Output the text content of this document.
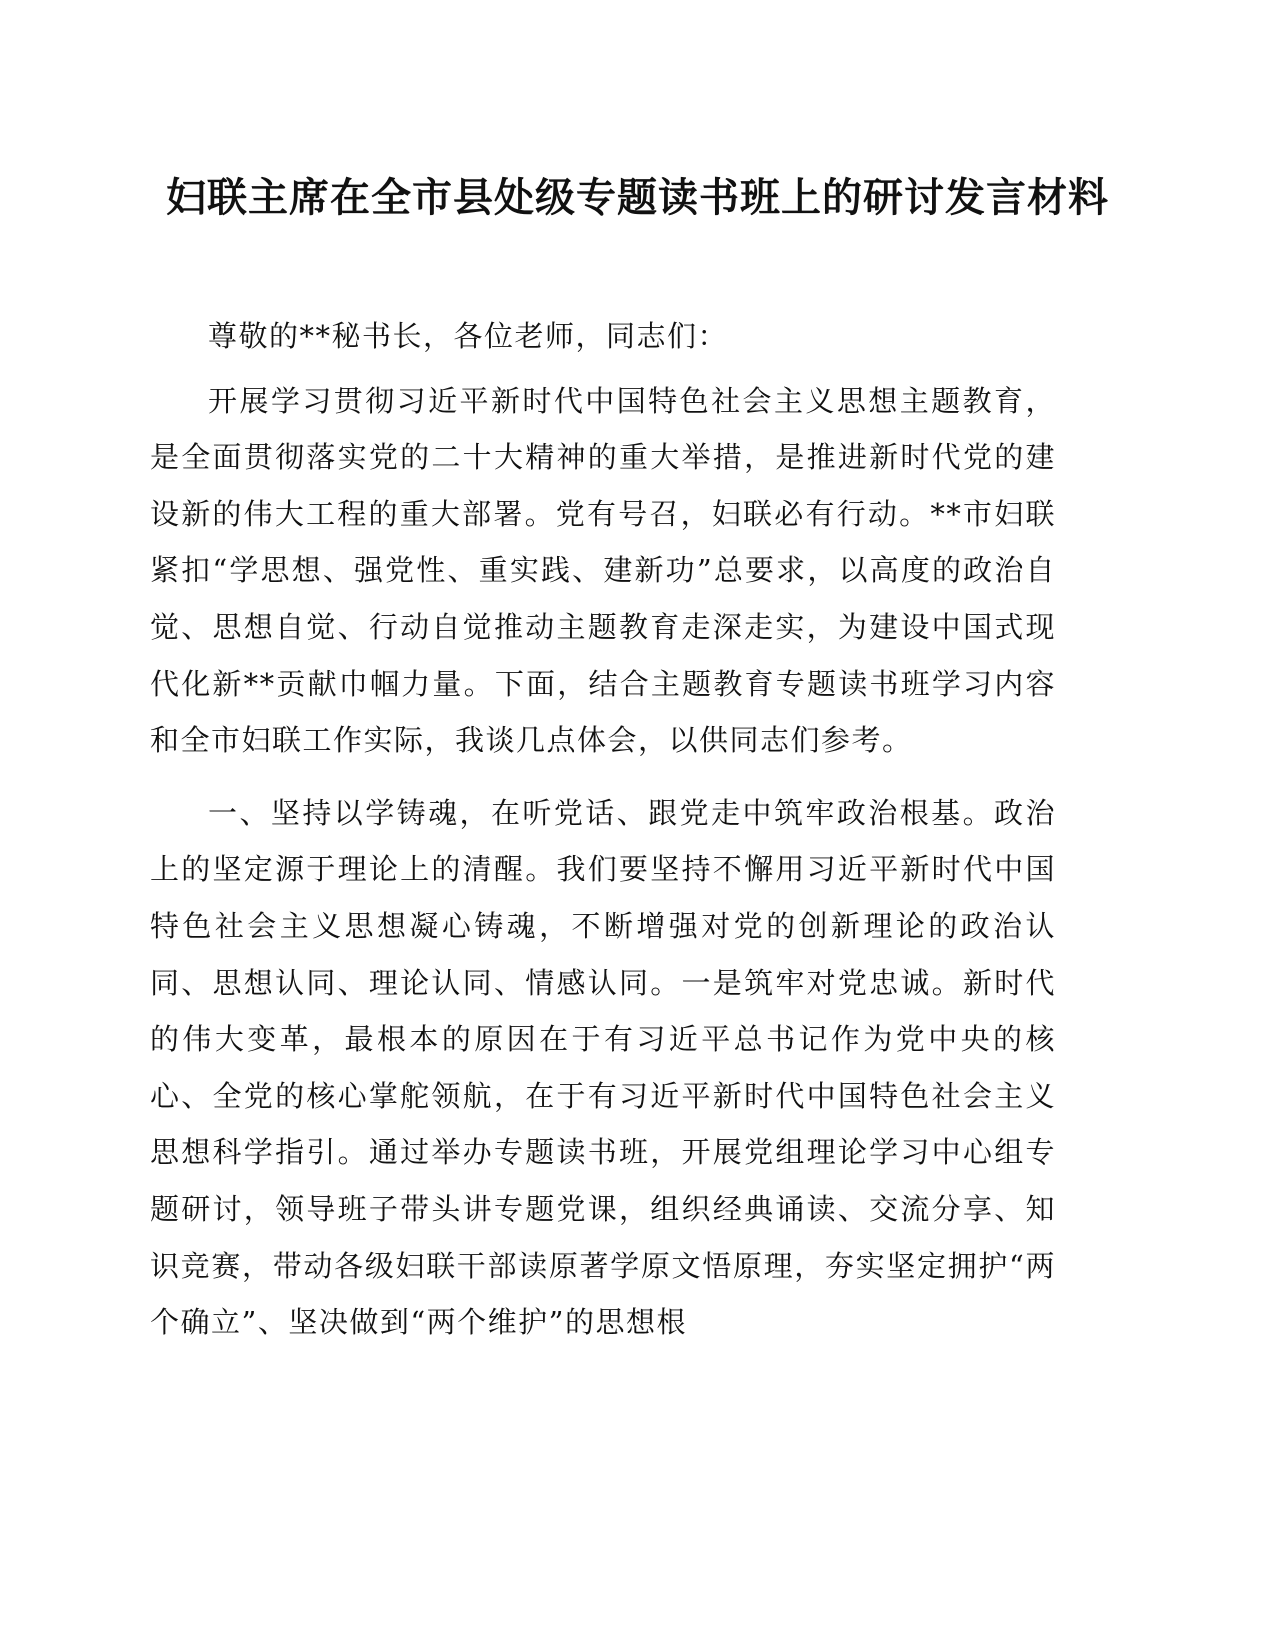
妇联主席在全市县处级专题读书班上的研讨发言材料

尊敬的**秘书长，各位老师，同志们：

开展学习贯彻习近平新时代中国特色社会主义思想主题教育，是全面贯彻落实党的二十大精神的重大举措，是推进新时代党的建设新的伟大工程的重大部署。党有号召，妇联必有行动。**市妇联紧扣“学思想、强党性、重实践、建新功”总要求，以高度的政治自觉、思想自觉、行动自觉推动主题教育走深走实，为建设中国式现代化新**贡献巾帼力量。下面，结合主题教育专题读书班学习内容和全市妇联工作实际，我谈几点体会，以供同志们参考。

一、坚持以学铸魂，在听党话、跟党走中筑牢政治根基。政治上的坚定源于理论上的清醒。我们要坚持不懈用习近平新时代中国特色社会主义思想凝心铸魂，不断增强对党的创新理论的政治认同、思想认同、理论认同、情感认同。一是筑牢对党忠诚。新时代的伟大变革，最根本的原因在于有习近平总书记作为党中央的核心、全党的核心掌舵领航，在于有习近平新时代中国特色社会主义思想科学指引。通过举办专题读书班，开展党组理论学习中心组专题研讨，领导班子带头讲专题党课，组织经典诵读、交流分享、知识竞赛，带动各级妇联干部读原著学原文悟原理，夯实坚定拥护“两个确立”、坚决做到“两个维护”的思想根
